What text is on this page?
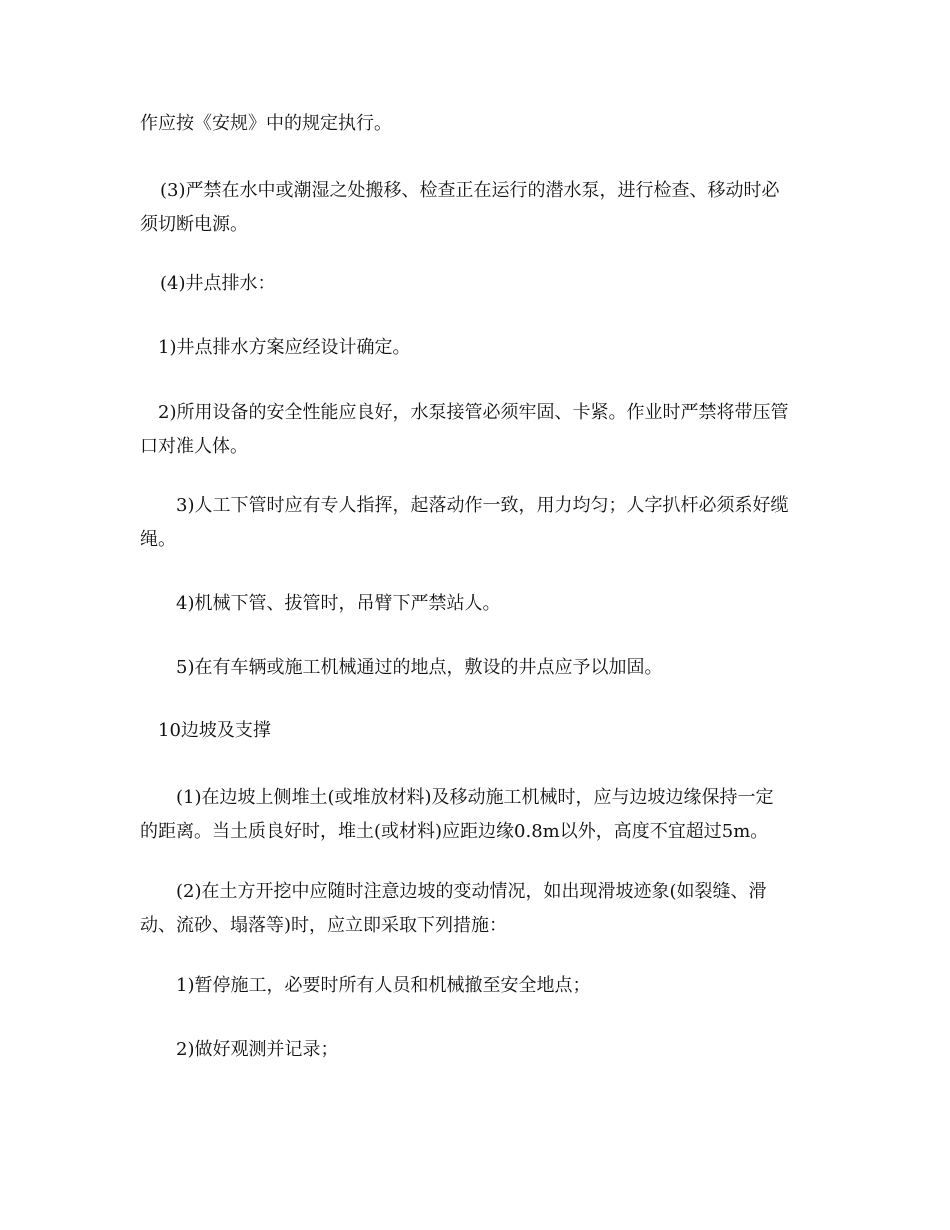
作应按《安规》中的规定执行。

(3)严禁在水中或潮湿之处搬移、检查正在运行的潜水泵，进行检查、移动时必
须切断电源。

(4)井点排水：

1)井点排水方案应经设计确定。

2)所用设备的安全性能应良好，水泵接管必须牢固、卡紧。作业时严禁将带压管
口对准人体。

3)人工下管时应有专人指挥，起落动作一致，用力均匀；人字扒杆必须系好缆
绳。

4)机械下管、拔管时，吊臂下严禁站人。

5)在有车辆或施工机械通过的地点，敷设的井点应予以加固。

10边坡及支撑

(1)在边坡上侧堆土(或堆放材料)及移动施工机械时，应与边坡边缘保持一定
的距离。当土质良好时，堆土(或材料)应距边缘0.8m以外，高度不宜超过5m。

(2)在土方开挖中应随时注意边坡的变动情况，如出现滑坡迹象(如裂缝、滑
动、流砂、塌落等)时，应立即采取下列措施：

1)暂停施工，必要时所有人员和机械撤至安全地点；

2)做好观测并记录；
